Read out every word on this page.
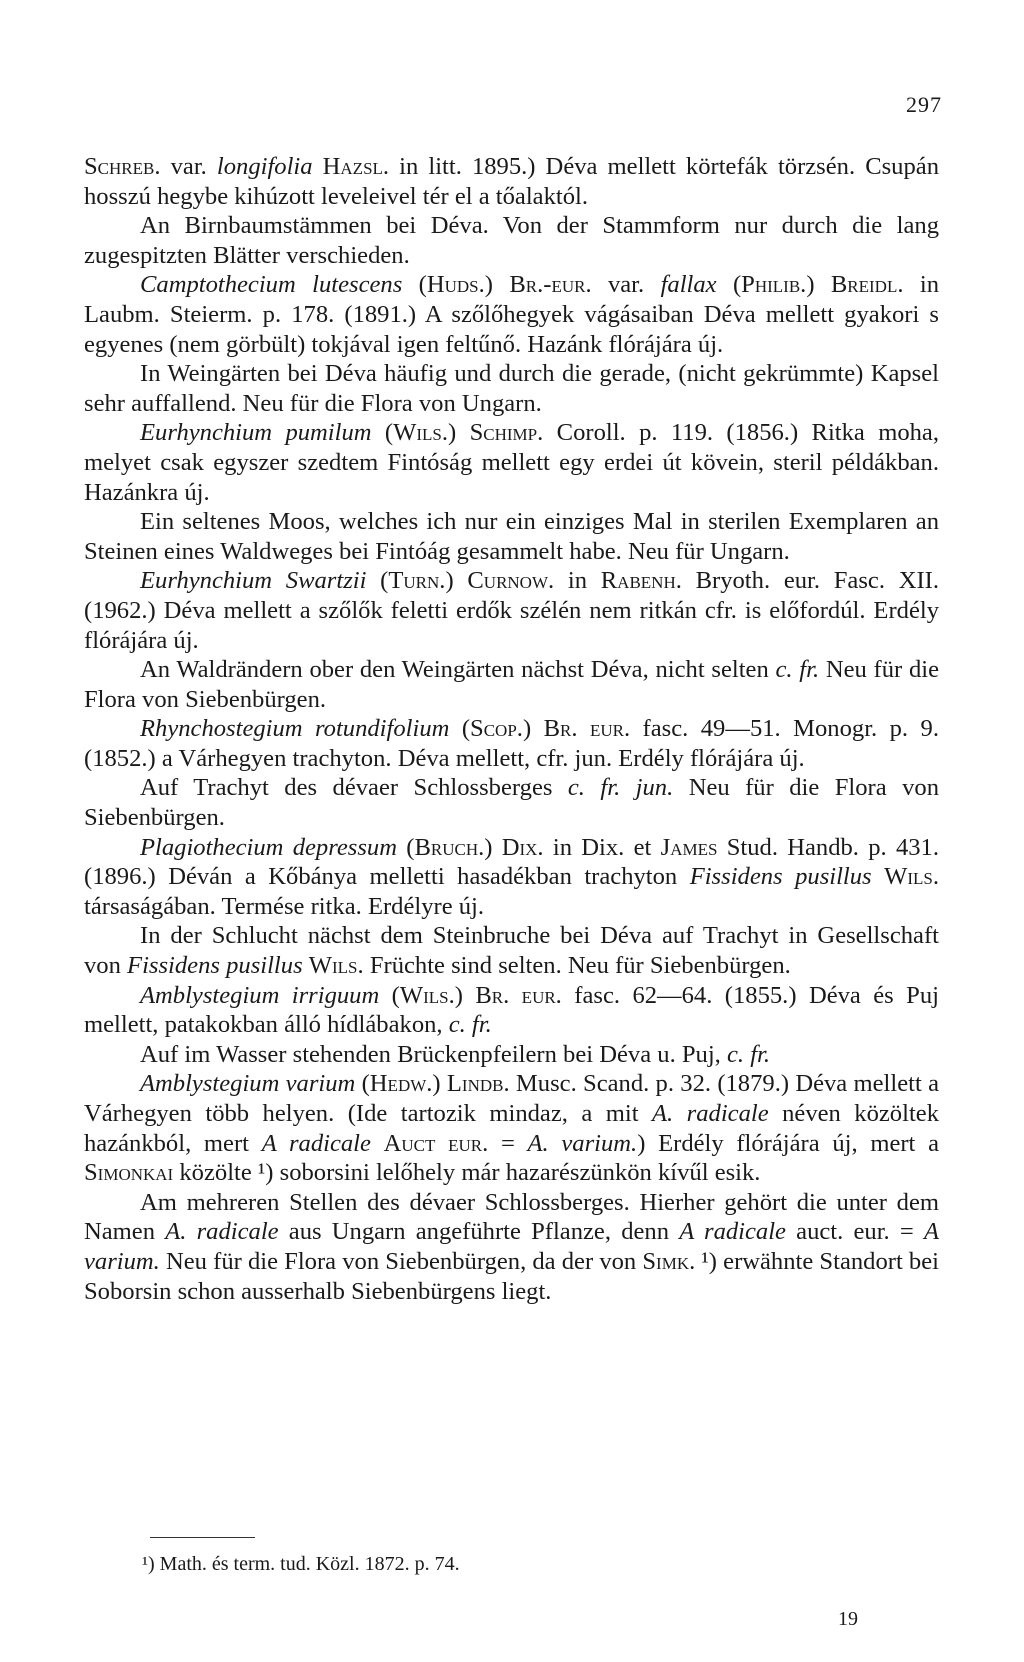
297

Schreb. var. longifolia Hazsl. in litt. 1895.) Déva mellett körtefák törzsén. Csupán hosszú hegybe kihúzott leveleivel tér el a tőalaktól.

An Birnbaumstämmen bei Déva. Von der Stammform nur durch die lang zugespitzten Blätter verschieden.

Camptothecium lutescens (Huds.) Br.-eur. var. fallax (Philib.) Breidl. in Laubm. Steierm. p. 178. (1891.) A szőlőhegyek vágásaiban Déva mellett gyakori s egyenes (nem görbült) tokjával igen feltűnő. Hazánk flórájára új.

In Weingärten bei Déva häufig und durch die gerade, (nicht gekrümmte) Kapsel sehr auffallend. Neu für die Flora von Ungarn.

Eurhynchium pumilum (Wils.) Schimp. Coroll. p. 119. (1856.) Ritka moha, melyet csak egyszer szedtem Fintóság mellett egy erdei út kövein, steril példákban. Hazánkra új.

Ein seltenes Moos, welches ich nur ein einziges Mal in sterilen Exemplaren an Steinen eines Waldweges bei Fintóág gesammelt habe. Neu für Ungarn.

Eurhynchium Swartzii (Turn.) Curnow. in Rabenh. Bryoth. eur. Fasc. XII. (1962.) Déva mellett a szőlők feletti erdők szélén nem ritkán cfr. is előfordúl. Erdély flórájára új.

An Waldrändern ober den Weingärten nächst Déva, nicht selten c. fr. Neu für die Flora von Siebenbürgen.

Rhynchostegium rotundifolium (Scop.) Br. eur. fasc. 49—51. Monogr. p. 9. (1852.) a Várhegyen trachyton. Déva mellett, cfr. jun. Erdély flórájára új.

Auf Trachyt des dévaer Schlossberges c. fr. jun. Neu für die Flora von Siebenbürgen.

Plagiothecium depressum (Bruch.) Dix. in Dix. et James Stud. Handb. p. 431. (1896.) Déván a Kőbánya melletti hasadékban trachyton Fissidens pusillus Wils. társaságában. Termése ritka. Erdélyre új.

In der Schlucht nächst dem Steinbruche bei Déva auf Trachyt in Gesellschaft von Fissidens pusillus Wils. Früchte sind selten. Neu für Siebenbürgen.

Amblystegium irriguum (Wils.) Br. eur. fasc. 62—64. (1855.) Déva és Puj mellett, patakokban álló hídlábakon, c. fr.

Auf im Wasser stehenden Brückenpfeilern bei Déva u. Puj, c. fr.

Amblystegium varium (Hedw.) Lindb. Musc. Scand. p. 32. (1879.) Déva mellett a Várhegyen több helyen. (Ide tartozik mindaz, a mit A. radicale néven közöltek hazánkból, mert A radicale Auct eur. = A. varium.) Erdély flórájára új, mert a Simonkai közölte ¹) soborsini lelőhely már hazarészünkön kívűl esik.

Am mehreren Stellen des dévaer Schlossberges. Hierher gehört die unter dem Namen A. radicale aus Ungarn angeführte Pflanze, denn A radicale auct. eur. = A varium. Neu für die Flora von Siebenbürgen, da der von Simk. ¹) erwähnte Standort bei Soborsin schon ausserhalb Siebenbürgens liegt.

¹) Math. és term. tud. Közl. 1872. p. 74.
19
